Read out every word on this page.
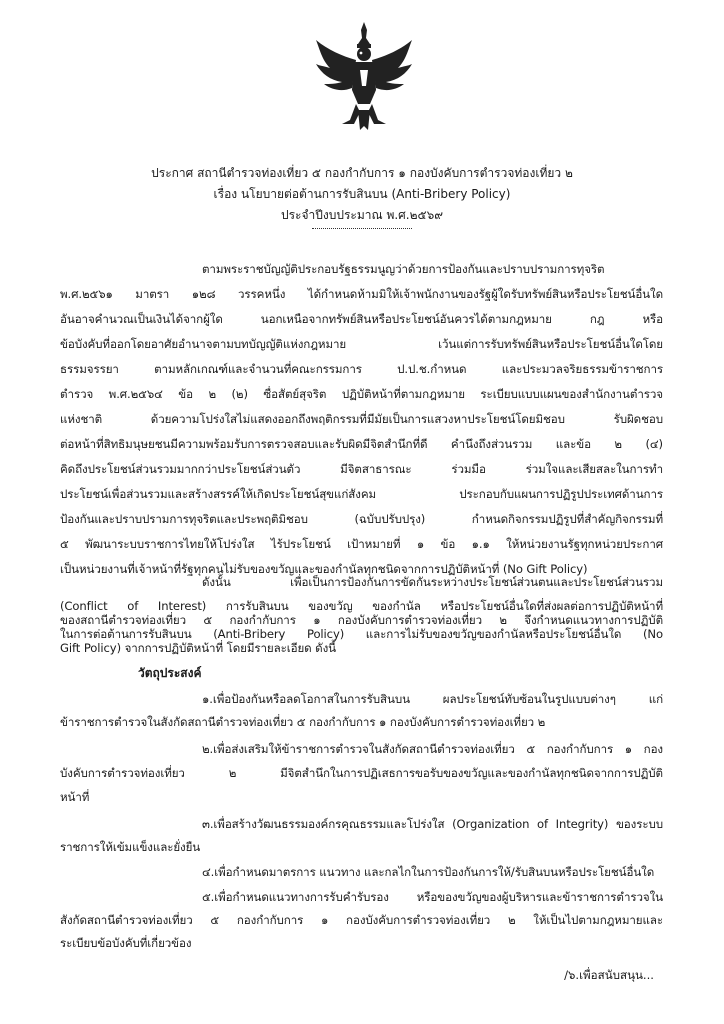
ประกาศ สถานีตำรวจท่องเที่ยว ๕ กองกำกับการ ๑ กองบังคับการตำรวจท่องเที่ยว ๒
เรื่อง นโยบายต่อต้านการรับสินบน (Anti-Bribery Policy)
ประจำปีงบประมาณ พ.ศ.๒๕๖๙
ตามพระราชบัญญัติประกอบรัฐธรรมนูญว่าด้วยการป้องกันและปราบปรามการทุจริต
พ.ศ.๒๕๖๑ มาตรา ๑๒๘ วรรคหนึ่ง ได้กำหนดห้ามมิให้เจ้าพนักงานของรัฐผู้ใดรับทรัพย์สินหรือประโยชน์อื่นใด
อันอาจคำนวณเป็นเงินได้จากผู้ใด นอกเหนือจากทรัพย์สินหรือประโยชน์อันควรได้ตามกฎหมาย กฎ หรือ
ข้อบังคับที่ออกโดยอาศัยอำนาจตามบทบัญญัติแห่งกฎหมาย เว้นแต่การรับทรัพย์สินหรือประโยชน์อื่นใดโดย
ธรรมจรรยา ตามหลักเกณฑ์และจำนวนที่คณะกรรมการ ป.ป.ช.กำหนด และประมวลจริยธรรมข้าราชการ
ตำรวจ พ.ศ.๒๕๖๔ ข้อ ๒ (๒) ซื่อสัตย์สุจริต ปฏิบัติหน้าที่ตามกฎหมาย ระเบียบแบบแผนของสำนักงานตำรวจ
แห่งชาติ ด้วยความโปร่งใสไม่แสดงออกถึงพฤติกรรมที่มีมัยเป็นการแสวงหาประโยชน์โดยมิชอบ รับผิดชอบ
ต่อหน้าที่สิทธิมนุษยชนมีความพร้อมรับการตรวจสอบและรับผิดมีจิตสำนึกที่ดี คำนึงถึงส่วนรวม และข้อ ๒ (๔)
คิดถึงประโยชน์ส่วนรวมมากกว่าประโยชน์ส่วนตัว มีจิตสาธารณะ ร่วมมือ ร่วมใจและเสียสละในการทำ
ประโยชน์เพื่อส่วนรวมและสร้างสรรค์ให้เกิดประโยชน์สุขแก่สังคม ประกอบกับแผนการปฏิรูปประเทศด้านการ
ป้องกันและปราบปรามการทุจริตและประพฤติมิชอบ (ฉบับปรับปรุง) กำหนดกิจกรรมปฏิรูปที่สำคัญกิจกรรมที่
๕ พัฒนาระบบราชการไทยให้โปร่งใส ไร้ประโยชน์ เป้าหมายที่ ๑ ข้อ ๑.๑ ให้หน่วยงานรัฐทุกหน่วยประกาศ
เป็นหน่วยงานที่เจ้าหน้าที่รัฐทุกคนไม่รับของขวัญและของกำนัลทุกชนิดจากการปฏิบัติหน้าที่ (No Gift Policy)
ดังนั้น เพื่อเป็นการป้องกันการขัดกันระหว่างประโยชน์ส่วนตนและประโยชน์ส่วนรวม
(Conflict of Interest) การรับสินบน ของขวัญ ของกำนัล หรือประโยชน์อื่นใดที่ส่งผลต่อการปฏิบัติหน้าที่
ของสถานีตำรวจท่องเที่ยว ๕ กองกำกับการ ๑ กองบังคับการตำรวจท่องเที่ยว ๒ จึงกำหนดแนวทางการปฏิบัติ
ในการต่อต้านการรับสินบน (Anti-Bribery Policy) และการไม่รับของขวัญของกำนัลหรือประโยชน์อื่นใด (No
Gift Policy) จากการปฏิบัติหน้าที่ โดยมีรายละเอียด ดังนี้
วัตถุประสงค์
๑.เพื่อป้องกันหรือลดโอกาสในการรับสินบน ผลประโยชน์ทับซ้อนในรูปแบบต่างๆ แก่
ข้าราชการตำรวจในสังกัดสถานีตำรวจท่องเที่ยว ๕ กองกำกับการ ๑ กองบังคับการตำรวจท่องเที่ยว ๒
๒.เพื่อส่งเสริมให้ข้าราชการตำรวจในสังกัดสถานีตำรวจท่องเที่ยว ๕ กองกำกับการ ๑ กอง
บังคับการตำรวจท่องเที่ยว ๒ มีจิตสำนึกในการปฏิเสธการขอรับของขวัญและของกำนัลทุกชนิดจากการปฏิบัติ
หน้าที่
๓.เพื่อสร้างวัฒนธรรมองค์กรคุณธรรมและโปร่งใส (Organization of Integrity) ของระบบ
ราชการให้เข้มแข็งและยั่งยืน
๔.เพื่อกำหนดมาตรการ แนวทาง และกลไกในการป้องกันการให้/รับสินบนหรือประโยชน์อื่นใด
๕.เพื่อกำหนดแนวทางการรับคำรับรอง หรือของขวัญของผู้บริหารและข้าราชการตำรวจใน
สังกัดสถานีตำรวจท่องเที่ยว ๕ กองกำกับการ ๑ กองบังคับการตำรวจท่องเที่ยว ๒ ให้เป็นไปตามกฎหมายและ
ระเบียบข้อบังคับที่เกี่ยวข้อง
/๖.เพื่อสนับสนุน...
